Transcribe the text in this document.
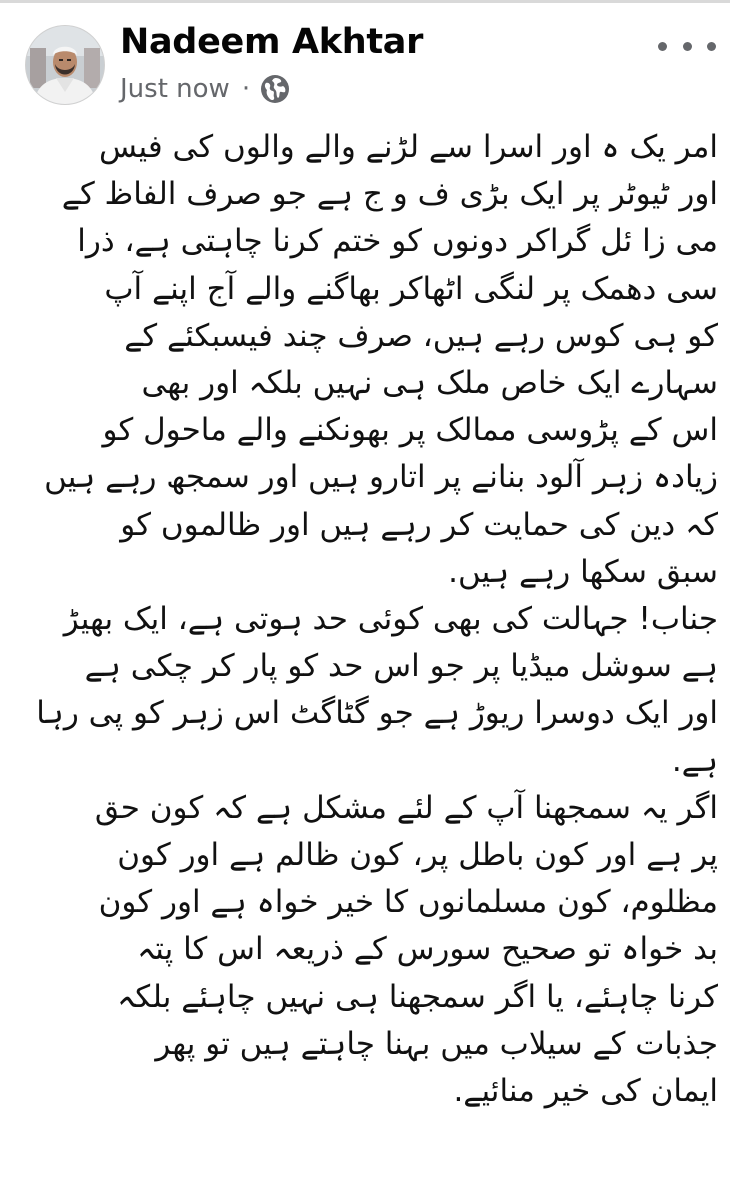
Nadeem Akhtar
Just now ·

امر یک ہ اور اسرا سے لڑنے والے والوں کی فیس

اور ٹیوٹر پر ایک بڑی ف و ج ہے جو صرف الفاظ کے

می زا ئل گراکر دونوں کو ختم کرنا چاہتی ہے، ذرا

سی دھمک پر لنگی اٹھاکر بھاگنے والے آج اپنے آپ

کو ہی کوس رہے ہیں، صرف چند فیسبکئے کے

سہارے ایک خاص ملک ہی نہیں بلکہ اور بھی

اس کے پڑوسی ممالک پر بھونکنے والے ماحول کو

زیادہ زہر آلود بنانے پر اتارو ہیں اور سمجھ رہے ہیں

کہ دین کی حمایت کر رہے ہیں اور ظالموں کو

سبق سکھا رہے ہیں.

جناب! جہالت کی بھی کوئی حد ہوتی ہے، ایک بھیڑ

ہے سوشل میڈیا پر جو اس حد کو پار کر چکی ہے

اور ایک دوسرا ریوڑ ہے جو گٹاگٹ اس زہر کو پی رہا

ہے.

اگر یہ سمجھنا آپ کے لئے مشکل ہے کہ کون حق

پر ہے اور کون باطل پر، کون ظالم ہے اور کون

مظلوم، کون مسلمانوں کا خیر خواہ ہے اور کون

بد خواہ تو صحیح سورس کے ذریعہ اس کا پتہ

کرنا چاہئے، یا اگر سمجھنا ہی نہیں چاہئے بلکہ

جذبات کے سیلاب میں بہنا چاہتے ہیں تو پھر

ایمان کی خیر منائیے.
